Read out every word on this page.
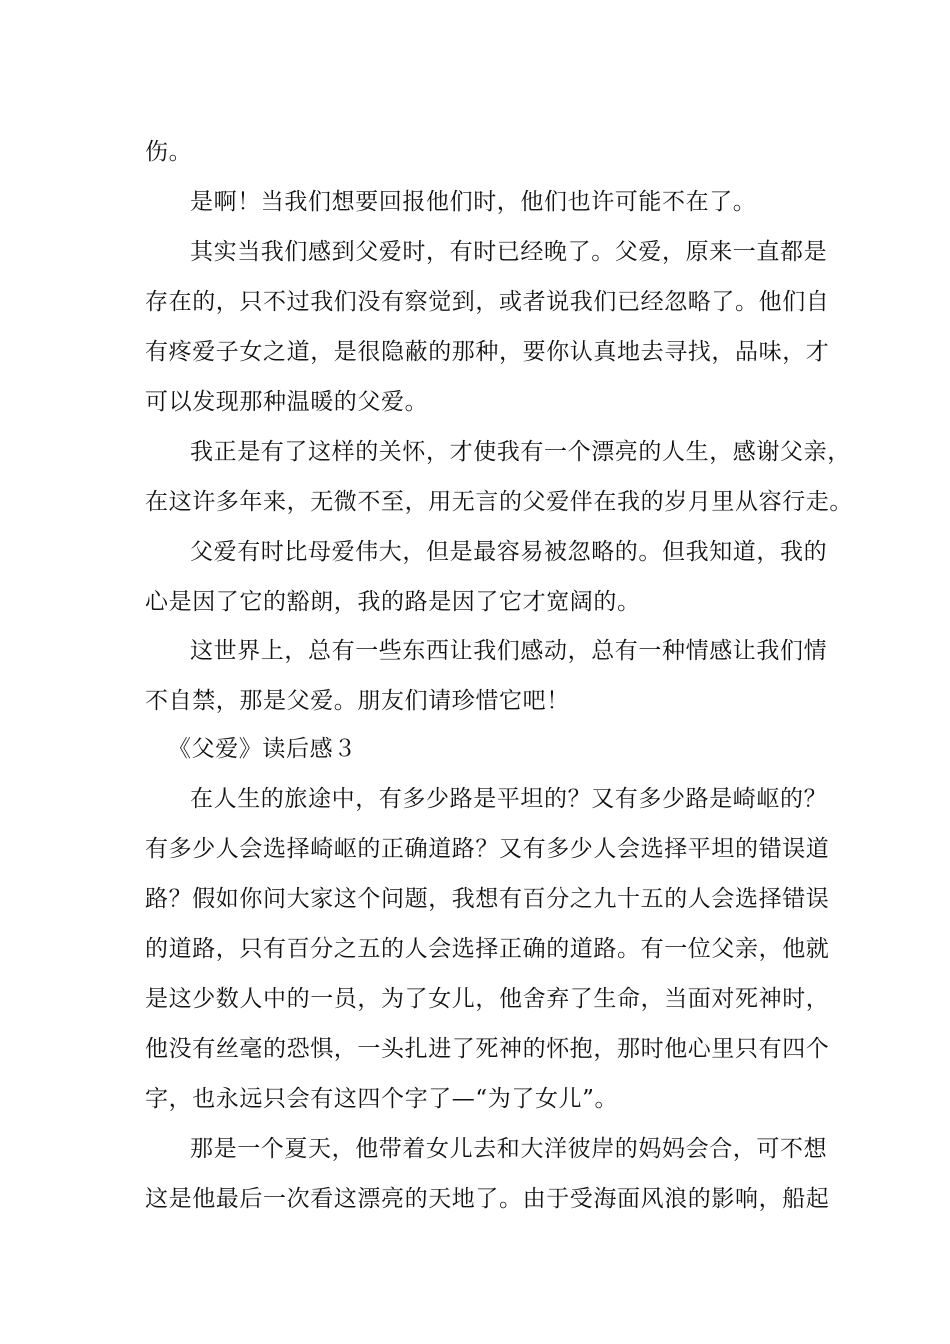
伤。
是啊！当我们想要回报他们时，他们也许可能不在了。
其实当我们感到父爱时，有时已经晚了。父爱，原来一直都是
存在的，只不过我们没有察觉到，或者说我们已经忽略了。他们自
有疼爱子女之道，是很隐蔽的那种，要你认真地去寻找，品味，才
可以发现那种温暖的父爱。
我正是有了这样的关怀，才使我有一个漂亮的人生，感谢父亲，
在这许多年来，无微不至，用无言的父爱伴在我的岁月里从容行走。
父爱有时比母爱伟大，但是最容易被忽略的。但我知道，我的
心是因了它的豁朗，我的路是因了它才宽阔的。
这世界上，总有一些东西让我们感动，总有一种情感让我们情
不自禁，那是父爱。朋友们请珍惜它吧！
《父爱》读后感３
在人生的旅途中，有多少路是平坦的？又有多少路是崎岖的？
有多少人会选择崎岖的正确道路？又有多少人会选择平坦的错误道
路？假如你问大家这个问题，我想有百分之九十五的人会选择错误
的道路，只有百分之五的人会选择正确的道路。有一位父亲，他就
是这少数人中的一员，为了女儿，他舍弃了生命，当面对死神时，
他没有丝毫的恐惧，一头扎进了死神的怀抱，那时他心里只有四个
字，也永远只会有这四个字了—“为了女儿”。
那是一个夏天，他带着女儿去和大洋彼岸的妈妈会合，可不想
这是他最后一次看这漂亮的天地了。由于受海面风浪的影响，船起
